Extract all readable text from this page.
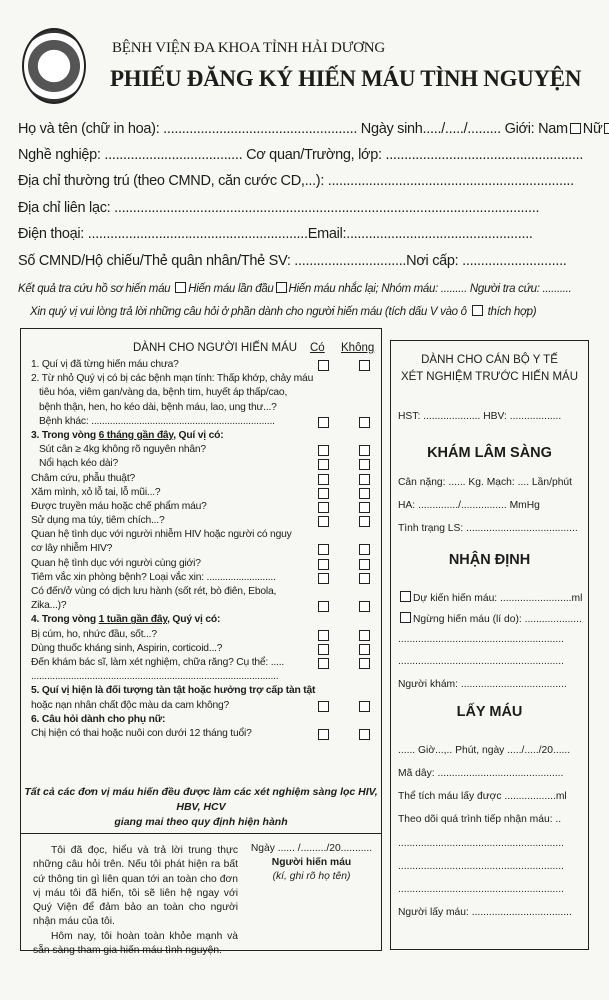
BỆNH VIỆN ĐA KHOA TỈNH HẢI DƯƠNG
PHIẾU ĐĂNG KÝ HIẾN MÁU TÌNH NGUYỆN
Họ và tên (chữ in hoa): .................................................... Ngày sinh...../...../......... Giới: Nam Nữ
Nghề nghiệp: ..................................... Cơ quan/Trường, lớp: .....................................................
Địa chỉ thường trú (theo CMND, căn cước CD,...): ..................................................................
Địa chỉ liên lạc: ..................................................................................................................
Điện thoại: ...........................................................Email:..................................................
Số CMND/Hộ chiếu/Thẻ quân nhân/Thẻ SV: ..............................Nơi cấp: ............................
Kết quả tra cứu hồ sơ hiến máu Hiến máu lần đầu Hiến máu nhắc lại; Nhóm máu: ......... Người tra cứu: ..........
Xin quý vị vui lòng trả lời những câu hỏi ở phần dành cho người hiến máu (tích dấu V vào ô thích hợp)
DÀNH CHO NGƯỜI HIẾN MÁU Có Không
1. Quí vị đã từng hiến máu chưa?
2. Từ nhỏ Quý vị có bị các bệnh mạn tính: Thấp khớp, chảy máu
tiêu hóa, viêm gan/vàng da, bệnh tim, huyết áp thấp/cao,
bệnh thận, hen, ho kéo dài, bệnh máu, lao, ung thư...?
Bệnh khác: .....................................................................
3. Trong vòng 6 tháng gần đây, Quí vị có:
Sút cân ≥ 4kg không rõ nguyên nhân?
Nổi hạch kéo dài?
Châm cứu, phẫu thuật?
Xăm mình, xỏ lỗ tai, lỗ mũi...?
Được truyền máu hoặc chế phẩm máu?
Sử dụng ma túy, tiêm chích...?
Quan hệ tình dục với người nhiễm HIV hoặc người có nguy
cơ lây nhiễm HIV?
Quan hệ tình dục với người cùng giới?
Tiêm vắc xin phòng bệnh? Loại vắc xin: ..........................
Có đến/ở vùng có dịch lưu hành (sốt rét, bò điên, Ebola,
Zika...)?
4. Trong vòng 1 tuần gần đây, Quý vị có:
Bị cúm, ho, nhức đầu, sốt...?
Dùng thuốc kháng sinh, Aspirin, corticoid...?
Đến khám bác sĩ, làm xét nghiệm, chữa răng? Cụ thể: .....
.............................................................................................
5. Quí vị hiện là đối tượng tàn tật hoặc hưởng trợ cấp tàn tật
hoặc nạn nhân chất độc màu da cam không?
6. Câu hỏi dành cho phụ nữ:
Chị hiện có thai hoặc nuôi con dưới 12 tháng tuổi?
Tất cả các đơn vị máu hiến đều được làm các xét nghiệm sàng lọc HIV, HBV, HCV
giang mai theo quy định hiện hành

Tôi đã đọc, hiểu và trả lời trung thực những câu hỏi trên. Nếu tôi phát hiện ra bất cứ thông tin gì liên quan tới an toàn cho đơn vị máu tôi đã hiến, tôi sẽ liên hệ ngay với Quý Viện để đảm bảo an toàn cho người nhận máu của tôi.

Hôm nay, tôi hoàn toàn khỏe mạnh và sẵn sàng tham gia hiến máu tình nguyện.

Ngày ...... /........./20...........
Người hiến máu
(kí, ghi rõ họ tên)
DÀNH CHO CÁN BỘ Y TẾ
XÉT NGHIỆM TRƯỚC HIẾN MÁU
HST: .................... HBV: ..................
KHÁM LÂM SÀNG
Cân nặng: ...... Kg. Mạch: .... Lần/phút
HA: ............../................ MmHg
Tình trạng LS: .......................................
NHẬN ĐỊNH
Dự kiến hiến máu: .........................ml
Ngừng hiến máu (lí do): ....................
..........................................................
..........................................................
Người khám: .....................................
LẤY MÁU
...... Giờ...,.. Phút, ngày ...../...../20......
Mã dây: ............................................
Thể tích máu lấy được ..................ml
Theo dõi quá trình tiếp nhận máu: ..
..........................................................
..........................................................
..........................................................
Người lấy máu: ...................................
